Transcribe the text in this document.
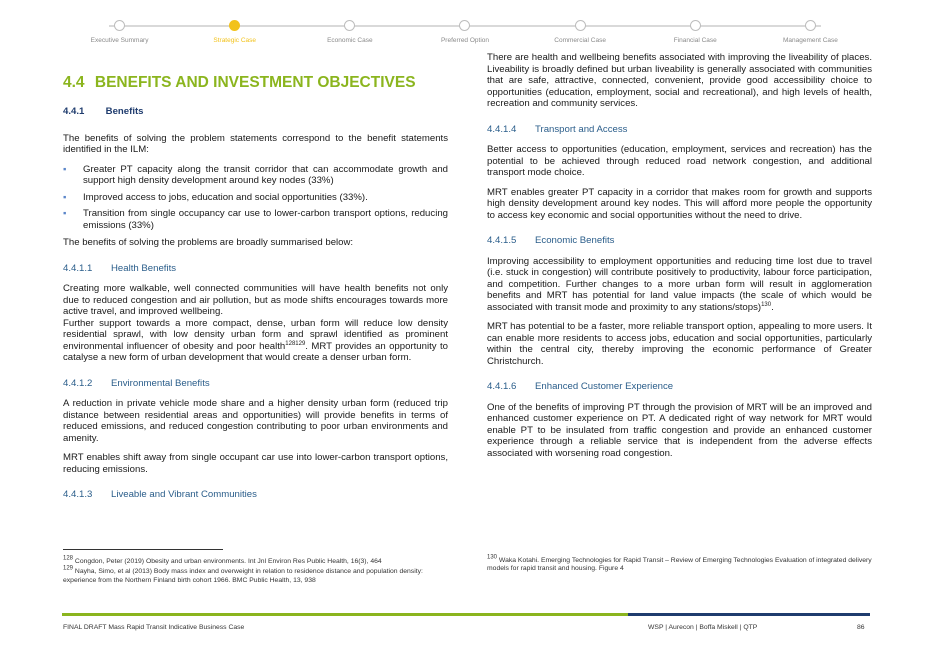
Executive Summary	Strategic Case	Economic Case	Preferred Option	Commercial Case	Financial Case	Management Case
4.4 BENEFITS AND INVESTMENT OBJECTIVES
4.4.1 Benefits

The benefits of solving the problem statements correspond to the benefit statements identified in the ILM:

▪ Greater PT capacity along the transit corridor that can accommodate growth and support high density development around key nodes (33%)
▪ Improved access to jobs, education and social opportunities (33%).
▪ Transition from single occupancy car use to lower-carbon transport options, reducing emissions (33%)

The benefits of solving the problems are broadly summarised below:

4.4.1.1 Health Benefits

Creating more walkable, well connected communities will have health benefits not only due to reduced congestion and air pollution, but as mode shifts encourages towards more active travel, and improved wellbeing.

Further support towards a more compact, dense, urban form will reduce low density residential sprawl, with low density urban form and sprawl identified as prominent environmental influencer of obesity and poor health$^{128129}$. MRT provides an opportunity to catalyse a new form of urban development that would create a denser urban form.

4.4.1.2 Environmental Benefits

A reduction in private vehicle mode share and a higher density urban form (reduced trip distance between residential areas and opportunities) will provide benefits in terms of reduced emissions, and reduced congestion contributing to poor urban environments and amenity.

MRT enables shift away from single occupant car use into lower-carbon transport options, reducing emissions.

4.4.1.3 Liveable and Vibrant Communities

There are health and wellbeing benefits associated with improving the liveability of places. Liveability is broadly defined but urban liveability is generally associated with communities that are safe, attractive, connected, convenient, provide good accessibility choice to opportunities (education, employment, social and recreational), and high levels of health, recreation and community services.

4.4.1.4 Transport and Access

Better access to opportunities (education, employment, services and recreation) has the potential to be achieved through reduced road network congestion, and additional transport mode choice.

MRT enables greater PT capacity in a corridor that makes room for growth and supports high density development around key nodes. This will afford more people the opportunity to access key economic and social opportunities without the need to drive.

4.4.1.5 Economic Benefits

Improving accessibility to employment opportunities and reducing time lost due to travel (i.e. stuck in congestion) will contribute positively to productivity, labour force participation, and competition. Further changes to a more urban form will result in agglomeration benefits and MRT has potential for land value impacts (the scale of which would be associated with transit mode and proximity to any stations/stops)$^{130}$.

MRT has potential to be a faster, more reliable transport option, appealing to more users. It can enable more residents to access jobs, education and social opportunities, particularly within the central city, thereby improving the economic performance of Greater Christchurch.

4.4.1.6 Enhanced Customer Experience

One of the benefits of improving PT through the provision of MRT will be an improved and enhanced customer experience on PT. A dedicated right of way network for MRT would enable PT to be insulated from traffic congestion and provide an enhanced customer experience through a reliable service that is independent from the adverse effects associated with worsening road congestion.

$^{128}$ Congdon, Peter (2019) Obesity and urban environments. Int Jnl Environ Res Public Health, 16(3), 464

$^{129}$ Nayha, Simo, et al (2013) Body mass index and overweight in relation to residence distance and population density: experience from the Northern Finland birth cohort 1966. BMC Public Health, 13, 938

$^{130}$ Waka Kotahi. Emerging Technologies for Rapid Transit – Review of Emerging Technologies Evaluation of integrated delivery models for rapid transit and housing. Figure 4

FINAL DRAFT Mass Rapid Transit Indicative Business Case	WSP | Aurecon | Boffa Miskell | QTP	86
